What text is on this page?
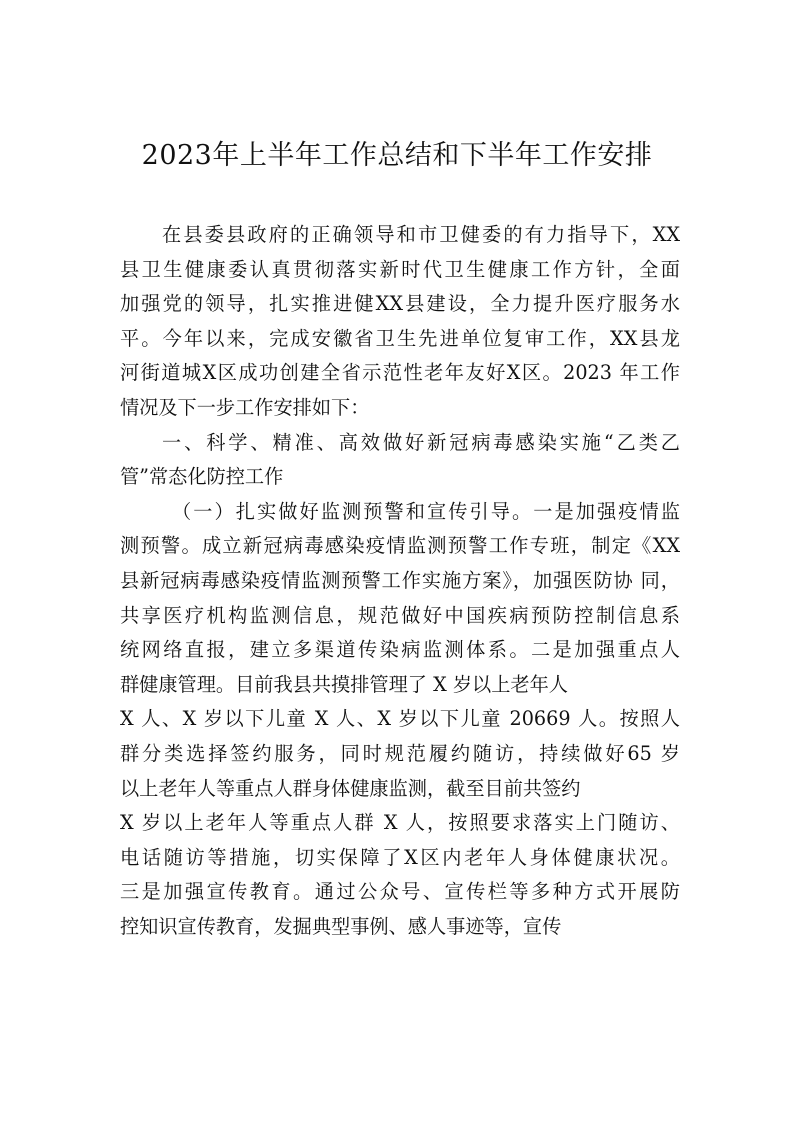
2023年上半年工作总结和下半年工作安排
在县委县政府的正确领导和市卫健委的有力指导下，XX
县卫生健康委认真贯彻落实新时代卫生健康工作方针，全面
加强党的领导，扎实推进健XX县建设，全力提升医疗服务水
平。今年以来，完成安徽省卫生先进单位复审工作，XX县龙
河街道城X区成功创建全省示范性老年友好X区。2023 年工作
情况及下一步工作安排如下：
一、科学、精准、高效做好新冠病毒感染实施“乙类乙
管”常态化防控工作
（一）扎实做好监测预警和宣传引导。一是加强疫情监
测预警。成立新冠病毒感染疫情监测预警工作专班，制定《XX
县新冠病毒感染疫情监测预警工作实施方案》，加强医防协 同，
共享医疗机构监测信息，规范做好中国疾病预防控制信息系
统网络直报，建立多渠道传染病监测体系。二是加强重点人
群健康管理。目前我县共摸排管理了 X 岁以上老年人
X 人、X 岁以下儿童 X 人、X 岁以下儿童 20669 人。按照人
群分类选择签约服务，同时规范履约随访，持续做好65 岁
以上老年人等重点人群身体健康监测，截至目前共签约
X 岁以上老年人等重点人群 X 人，按照要求落实上门随访、
电话随访等措施，切实保障了X区内老年人身体健康状况。
三是加强宣传教育。通过公众号、宣传栏等多种方式开展防
控知识宣传教育，发掘典型事例、感人事迹等，宣传
